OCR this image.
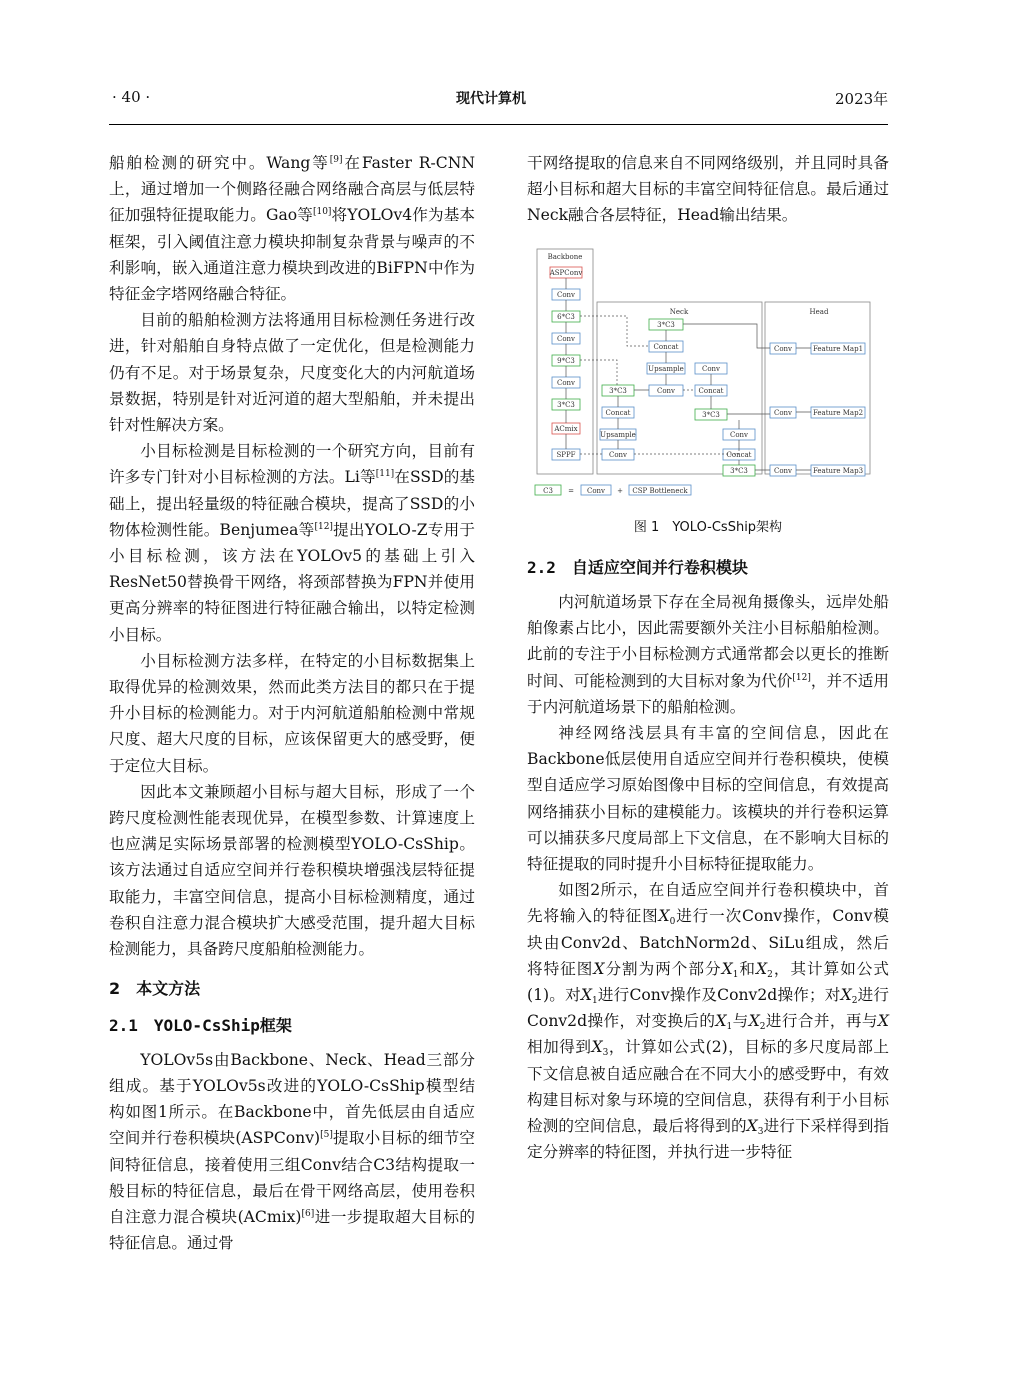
· 40 ·	现代计算机	2023年

船舶检测的研究中。Wang等[9]在Faster R-CNN上，通过增加一个侧路径融合网络融合高层与低层特征加强特征提取能力。Gao等[10]将YOLOv4作为基本框架，引入阈值注意力模块抑制复杂背景与噪声的不利影响，嵌入通道注意力模块到改进的BiFPN中作为特征金字塔网络融合特征。

目前的船舶检测方法将通用目标检测任务进行改进，针对船舶自身特点做了一定优化，但是检测能力仍有不足。对于场景复杂，尺度变化大的内河航道场景数据，特别是针对近河道的超大型船舶，并未提出针对性解决方案。

小目标检测是目标检测的一个研究方向，目前有许多专门针对小目标检测的方法。Li等[11]在SSD的基础上，提出轻量级的特征融合模块，提高了SSD的小物体检测性能。Benjumea等[12]提出YOLO-Z专用于小目标检测，该方法在YOLOv5的基础上引入ResNet50替换骨干网络，将颈部替换为FPN并使用更高分辨率的特征图进行特征融合输出，以特定检测小目标。

小目标检测方法多样，在特定的小目标数据集上取得优异的检测效果，然而此类方法目的都只在于提升小目标的检测能力。对于内河航道船舶检测中常规尺度、超大尺度的目标，应该保留更大的感受野，便于定位大目标。

因此本文兼顾超小目标与超大目标，形成了一个跨尺度检测性能表现优异，在模型参数、计算速度上也应满足实际场景部署的检测模型YOLO-CsShip。该方法通过自适应空间并行卷积模块增强浅层特征提取能力，丰富空间信息，提高小目标检测精度，通过卷积自注意力混合模块扩大感受范围，提升超大目标检测能力，具备跨尺度船舶检测能力。

2　本文方法
2.1　YOLO-CsShip框架

YOLOv5s由Backbone、Neck、Head三部分组成。基于YOLOv5s改进的YOLO-CsShip模型结构如图1所示。在Backbone中，首先低层由自适应空间并行卷积模块(ASPConv)[5]提取小目标的细节空间特征信息，接着使用三组Conv结合C3结构提取一般目标的特征信息，最后在骨干网络高层，使用卷积自注意力混合模块(ACmix)[6]进一步提取超大目标的特征信息。通过骨

干网络提取的信息来自不同网络级别，并且同时具备超小目标和超大目标的丰富空间特征信息。最后通过Neck融合各层特征，Head输出结果。

Backbone
Neck	Head
ASPConv
Conv
6*C3
Conv
9*C3
Conv
3*C3
ACmix
SPPF
3*C3
Concat
Upsample
Conv
3*C3
Concat
Upsample
Conv
Conv
Concat
3*C3
Conv
Concat
3*C3
Conv	Feature Map1
Conv	Feature Map2
Conv	Feature Map3
C3 = Conv + CSP Bottleneck
图 1　YOLO-CsShip架构
2.2　自适应空间并行卷积模块

内河航道场景下存在全局视角摄像头，远岸处船舶像素占比小，因此需要额外关注小目标船舶检测。此前的专注于小目标检测方式通常都会以更长的推断时间、可能检测到的大目标对象为代价[12]，并不适用于内河航道场景下的船舶检测。

神经网络浅层具有丰富的空间信息，因此在Backbone低层使用自适应空间并行卷积模块，使模型自适应学习原始图像中目标的空间信息，有效提高网络捕获小目标的建模能力。该模块的并行卷积运算可以捕获多尺度局部上下文信息，在不影响大目标的特征提取的同时提升小目标特征提取能力。

如图2所示，在自适应空间并行卷积模块中，首先将输入的特征图$X_0$进行一次Conv操作，Conv模块由Conv2d、BatchNorm2d、SiLu组成，然后将特征图X分割为两个部分$X_1$和$X_2$，其计算如公式(1)。对$X_1$进行Conv操作及Conv2d操作；对$X_2$进行Conv2d操作，对变换后的$X_1$与$X_2$进行合并，再与X相加得到$X_3$，计算如公式(2)，目标的多尺度局部上下文信息被自适应融合在不同大小的感受野中，有效构建目标对象与环境的空间信息，获得有利于小目标检测的空间信息，最后将得到的$X_3$进行下采样得到指定分辨率的特征图，并执行进一步特征
